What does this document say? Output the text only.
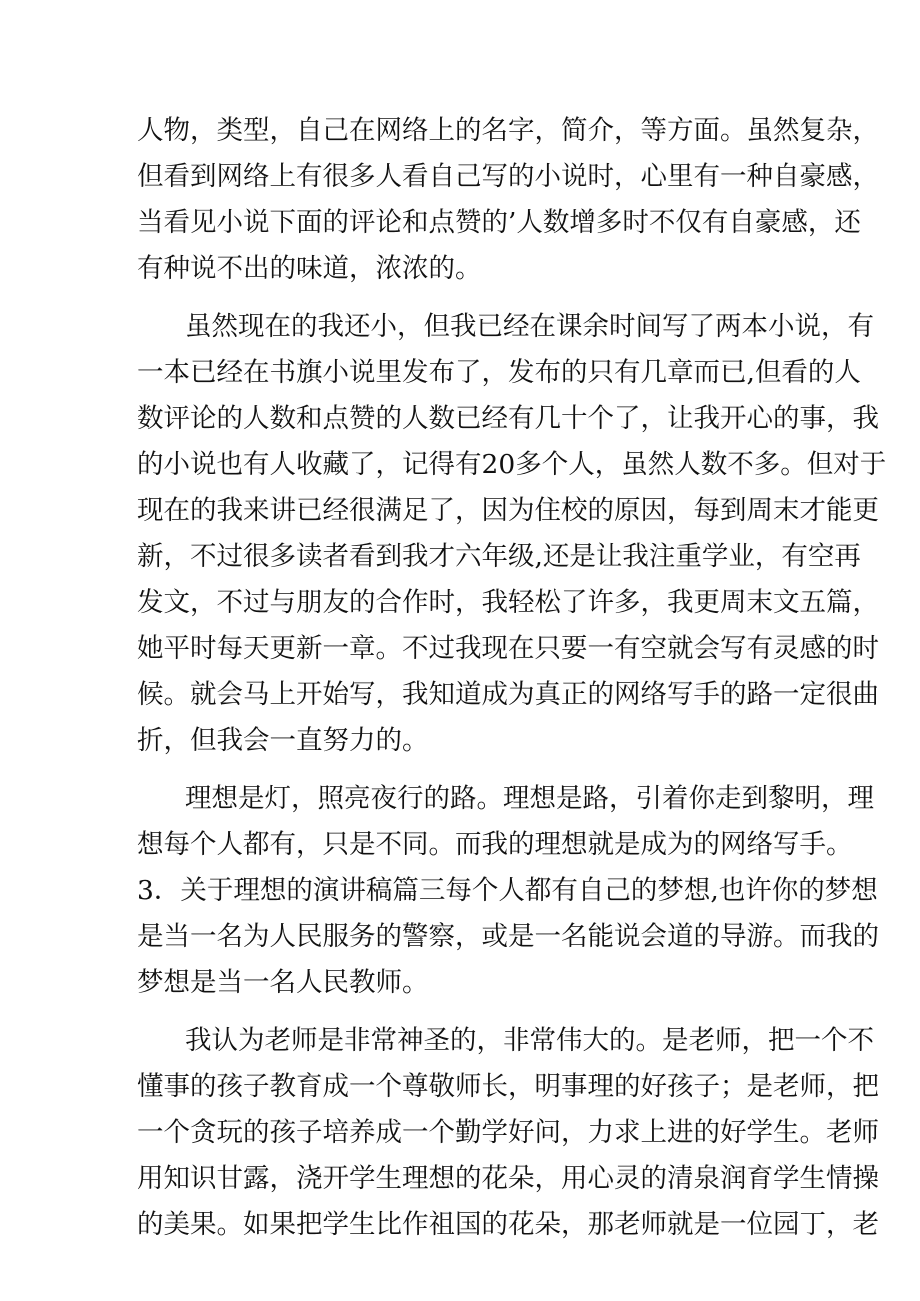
人物，类型，自己在网络上的名字，简介，等方面。虽然复杂，
但看到网络上有很多人看自己写的小说时，心里有一种自豪感，
当看见小说下面的评论和点赞的’人数增多时不仅有自豪感，还
有种说不出的味道，浓浓的。
虽然现在的我还小，但我已经在课余时间写了两本小说，有
一本已经在书旗小说里发布了，发布的只有几章而已,但看的人
数评论的人数和点赞的人数已经有几十个了，让我开心的事，我
的小说也有人收藏了，记得有20多个人，虽然人数不多。但对于
现在的我来讲已经很满足了，因为住校的原因，每到周末才能更
新，不过很多读者看到我才六年级,还是让我注重学业，有空再
发文，不过与朋友的合作时，我轻松了许多，我更周末文五篇，
她平时每天更新一章。不过我现在只要一有空就会写有灵感的时
候。就会马上开始写，我知道成为真正的网络写手的路一定很曲
折，但我会一直努力的。
理想是灯，照亮夜行的路。理想是路，引着你走到黎明，理
想每个人都有，只是不同。而我的理想就是成为的网络写手。
3．关于理想的演讲稿篇三每个人都有自己的梦想,也许你的梦想
是当一名为人民服务的警察，或是一名能说会道的导游。而我的
梦想是当一名人民教师。
我认为老师是非常神圣的，非常伟大的。是老师，把一个不
懂事的孩子教育成一个尊敬师长，明事理的好孩子；是老师，把
一个贪玩的孩子培养成一个勤学好问，力求上进的好学生。老师
用知识甘露，浇开学生理想的花朵，用心灵的清泉润育学生情操
的美果。如果把学生比作祖国的花朵，那老师就是一位园丁，老
